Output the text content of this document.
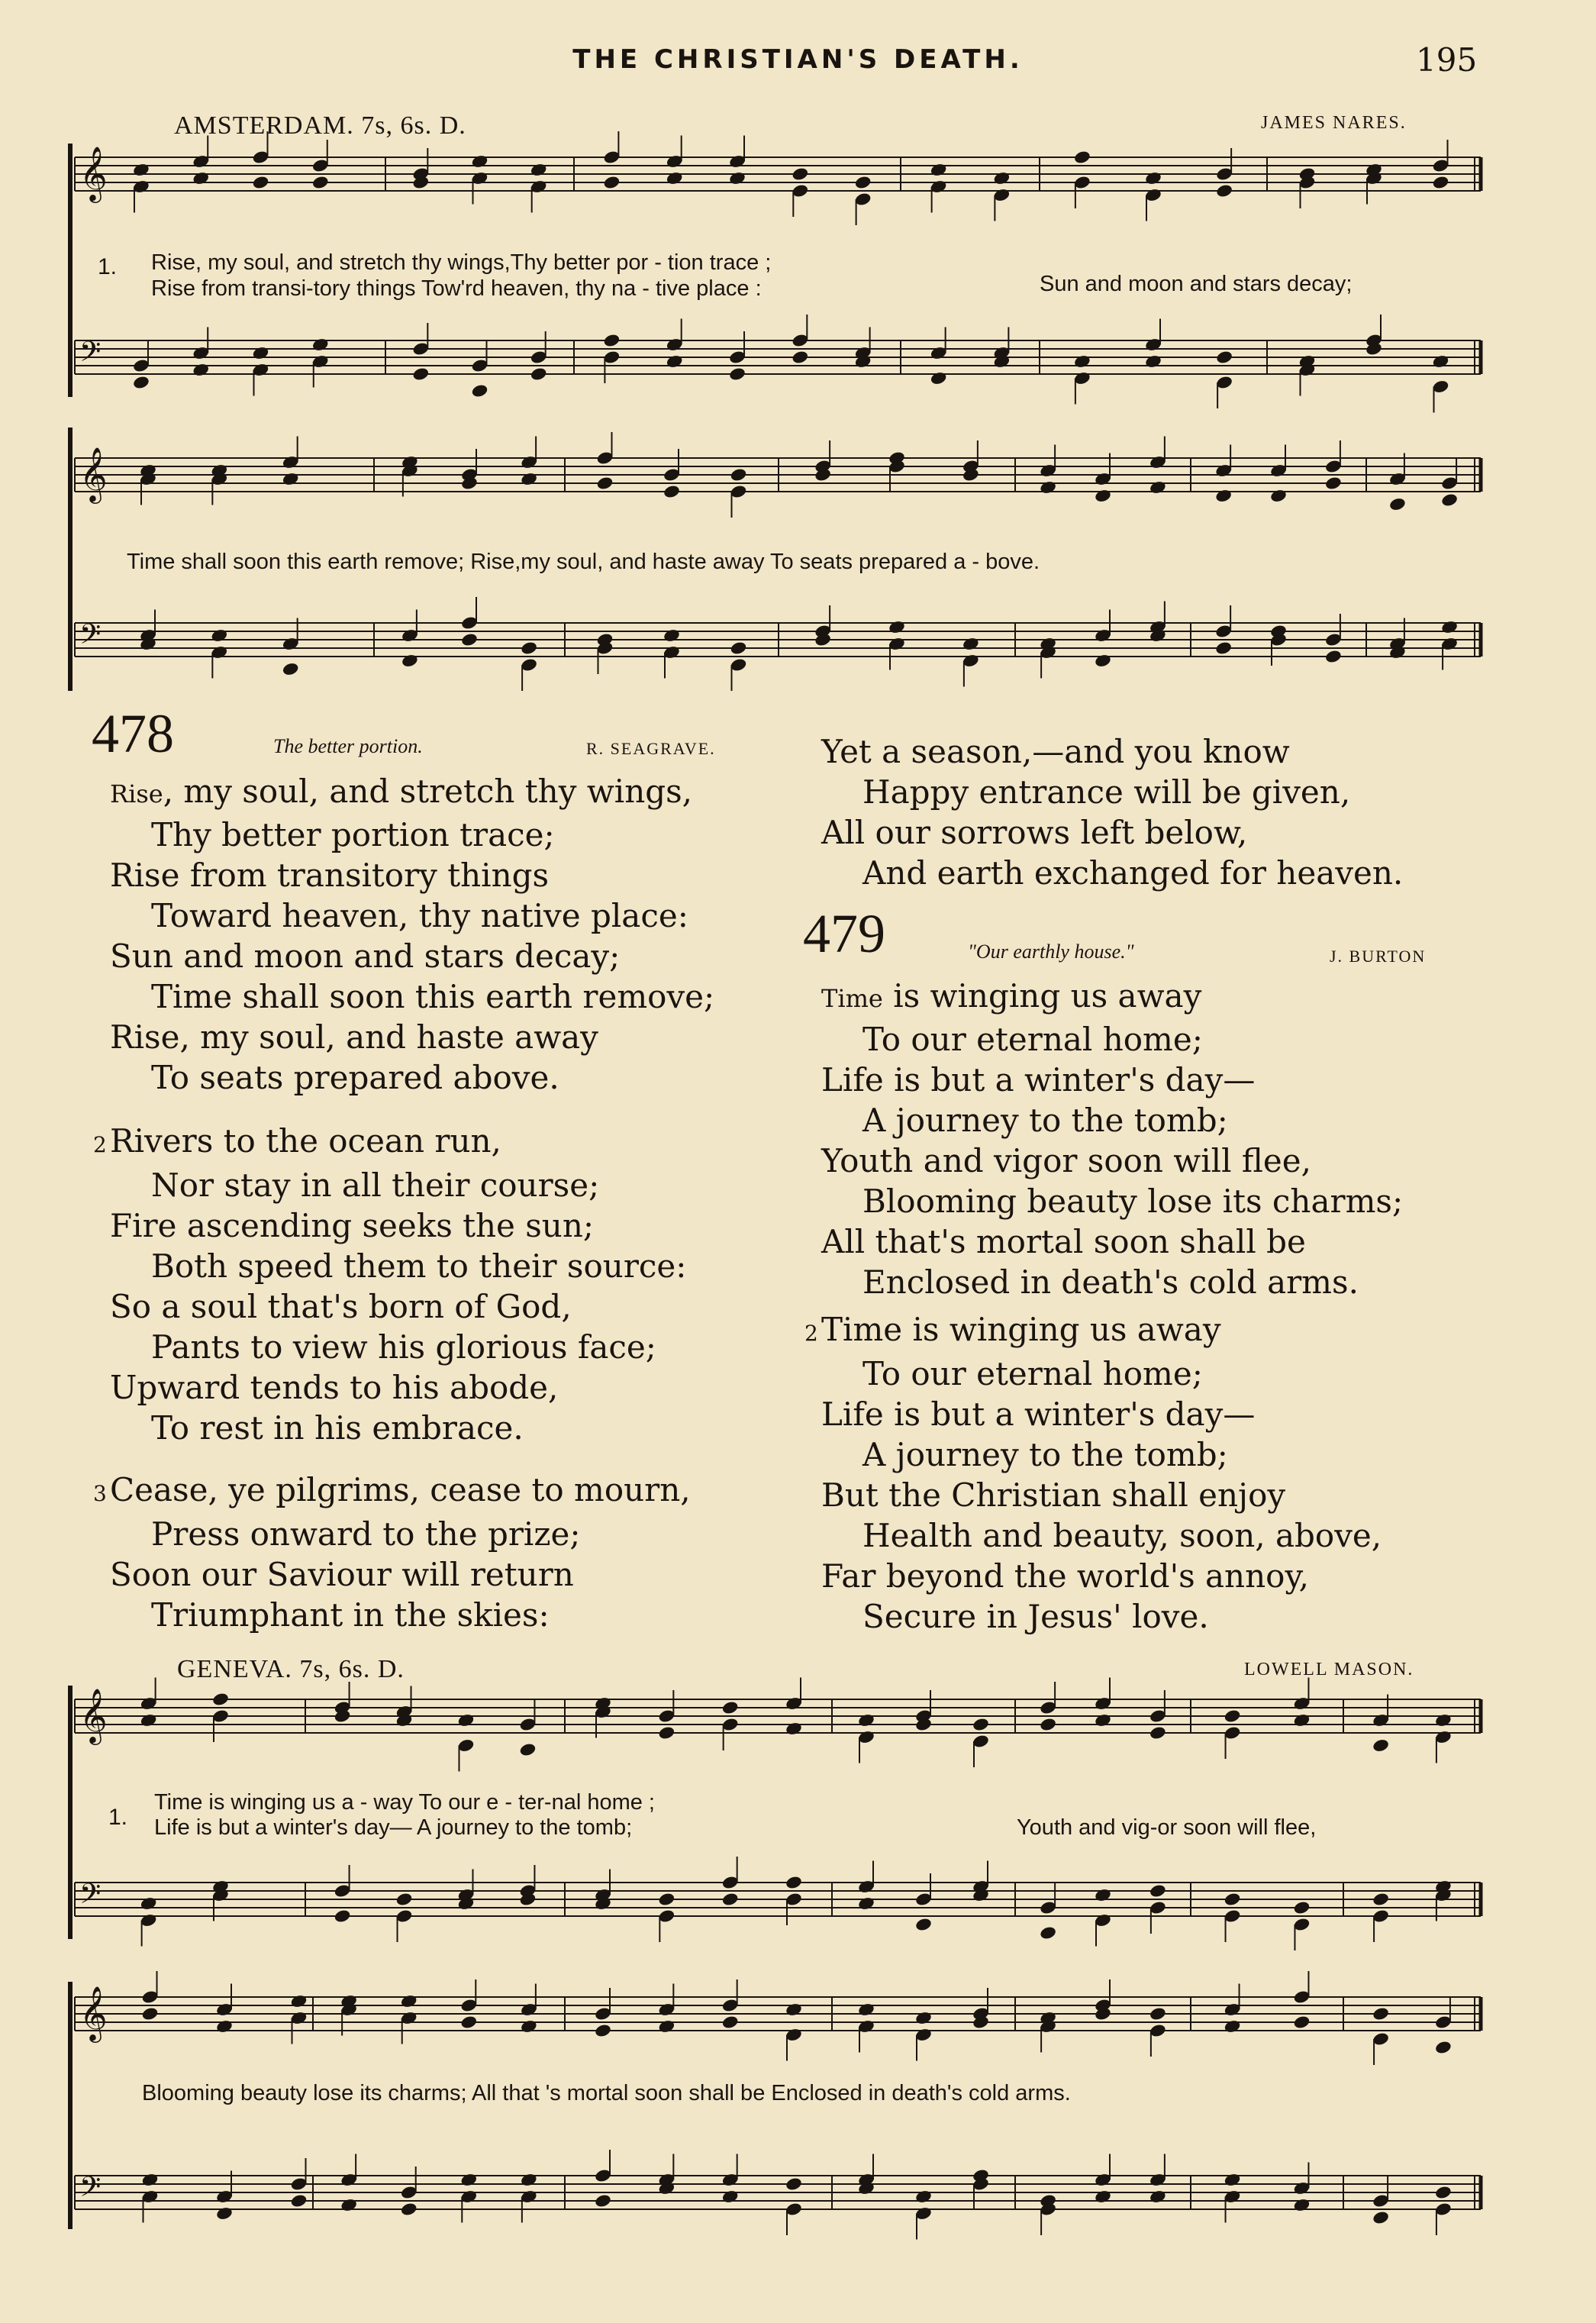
THE CHRISTIAN'S DEATH.	195
AMSTERDAM. 7s, 6s. D.	JAMES NARES.
𝄞
𝄢
𝄞
𝄢
𝄞
𝄢
𝄞
𝄢
1. Rise, my soul, and stretch thy wings,Thy better por - tion trace ;
Rise from transi-tory things Tow'rd heaven, thy na - tive place :	Sun and moon and stars decay;
Time shall soon this earth remove; Rise,my soul, and haste away To seats prepared a - bove.
478	The better portion.	R. SEAGRAVE.
Rise, my soul, and stretch thy wings,
Thy better portion trace;
Rise from transitory things
Toward heaven, thy native place:
Sun and moon and stars decay;
Time shall soon this earth remove;
Rise, my soul, and haste away
To seats prepared above.
2Rivers to the ocean run,
Nor stay in all their course;
Fire ascending seeks the sun;
Both speed them to their source:
So a soul that's born of God,
Pants to view his glorious face;
Upward tends to his abode,
To rest in his embrace.
3Cease, ye pilgrims, cease to mourn,
Press onward to the prize;
Soon our Saviour will return
Triumphant in the skies:
Yet a season,—and you know
Happy entrance will be given,
All our sorrows left below,
And earth exchanged for heaven.
479	"Our earthly house."	J. BURTON
Time is winging us away
To our eternal home;
Life is but a winter's day—
A journey to the tomb;
Youth and vigor soon will flee,
Blooming beauty lose its charms;
All that's mortal soon shall be
Enclosed in death's cold arms.
2Time is winging us away
To our eternal home;
Life is but a winter's day—
A journey to the tomb;
But the Christian shall enjoy
Health and beauty, soon, above,
Far beyond the world's annoy,
Secure in Jesus' love.
GENEVA. 7s, 6s. D.	LOWELL MASON.
1.
Time is winging us a - way To our e - ter-nal home ;
Life is but a winter's day— A journey to the tomb;	Youth and vig-or soon will flee,
Blooming beauty lose its charms; All that 's mortal soon shall be Enclosed in death's cold arms.
